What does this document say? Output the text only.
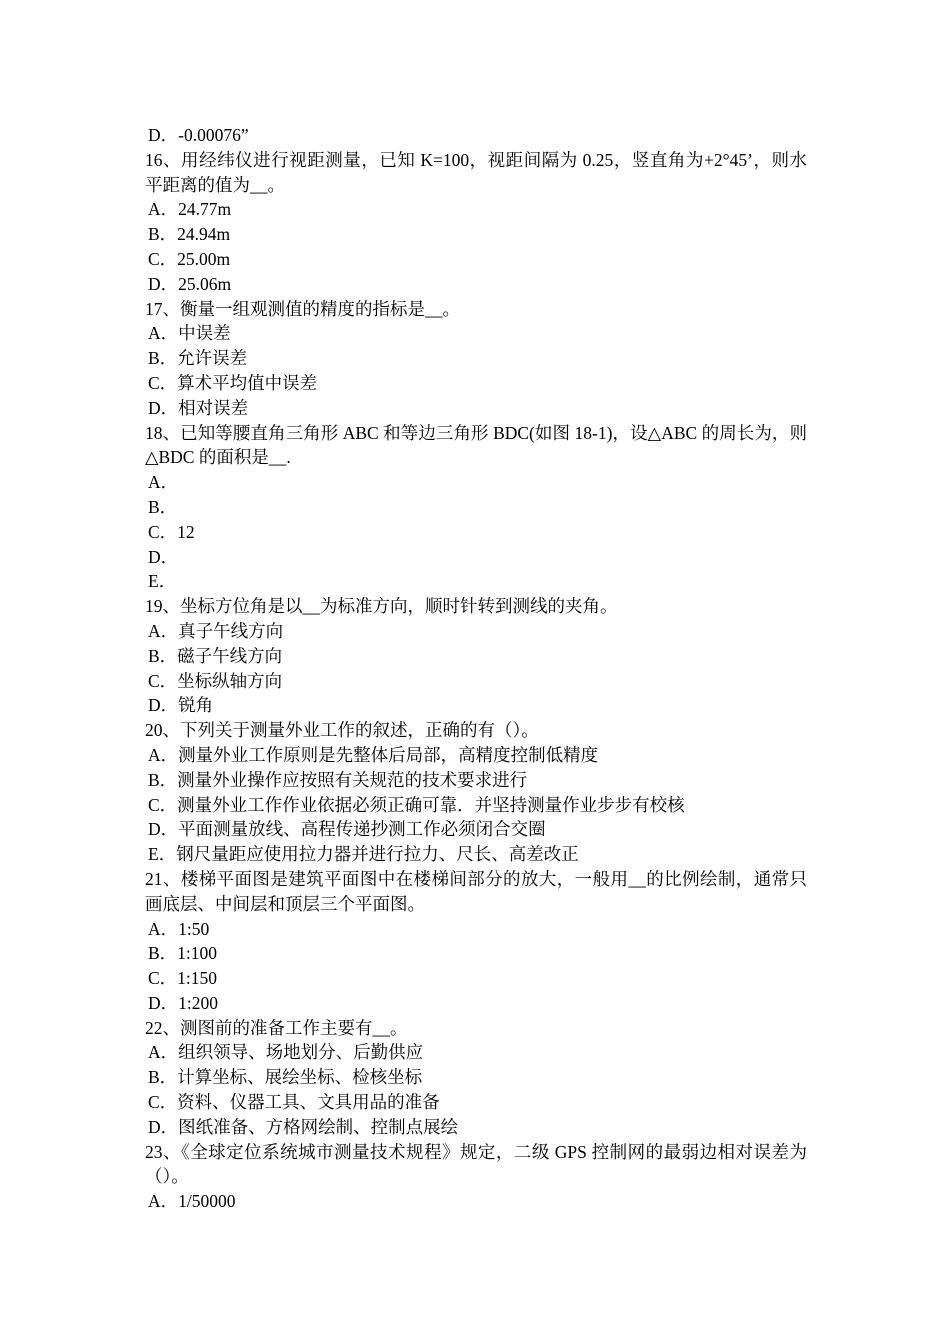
D．-0.00076”
16、用经纬仪进行视距测量，已知 K=100，视距间隔为 0.25，竖直角为+2°45’，则水平距离的值为__。
A．24.77m
B．24.94m
C．25.00m
D．25.06m
17、衡量一组观测值的精度的指标是__。
A．中误差
B．允许误差
C．算术平均值中误差
D．相对误差
18、已知等腰直角三角形 ABC 和等边三角形 BDC(如图 18-1)，设△ABC 的周长为，则△BDC 的面积是__.
A．
B．
C．12
D．
E．
19、坐标方位角是以__为标准方向，顺时针转到测线的夹角。
A．真子午线方向
B．磁子午线方向
C．坐标纵轴方向
D．锐角
20、下列关于测量外业工作的叙述，正确的有（）。
A．测量外业工作原则是先整体后局部，高精度控制低精度
B．测量外业操作应按照有关规范的技术要求进行
C．测量外业工作作业依据必须正确可靠．并坚持测量作业步步有校核
D．平面测量放线、高程传递抄测工作必须闭合交圈
E．钢尺量距应使用拉力器并进行拉力、尺长、高差改正
21、楼梯平面图是建筑平面图中在楼梯间部分的放大，一般用__的比例绘制，通常只画底层、中间层和顶层三个平面图。
A．1:50
B．1:100
C．1:150
D．1:200
22、测图前的准备工作主要有__。
A．组织领导、场地划分、后勤供应
B．计算坐标、展绘坐标、检核坐标
C．资料、仪器工具、文具用品的准备
D．图纸准备、方格网绘制、控制点展绘
23、《全球定位系统城市测量技术规程》规定，二级 GPS 控制网的最弱边相对误差为（）。
A．1/50000
